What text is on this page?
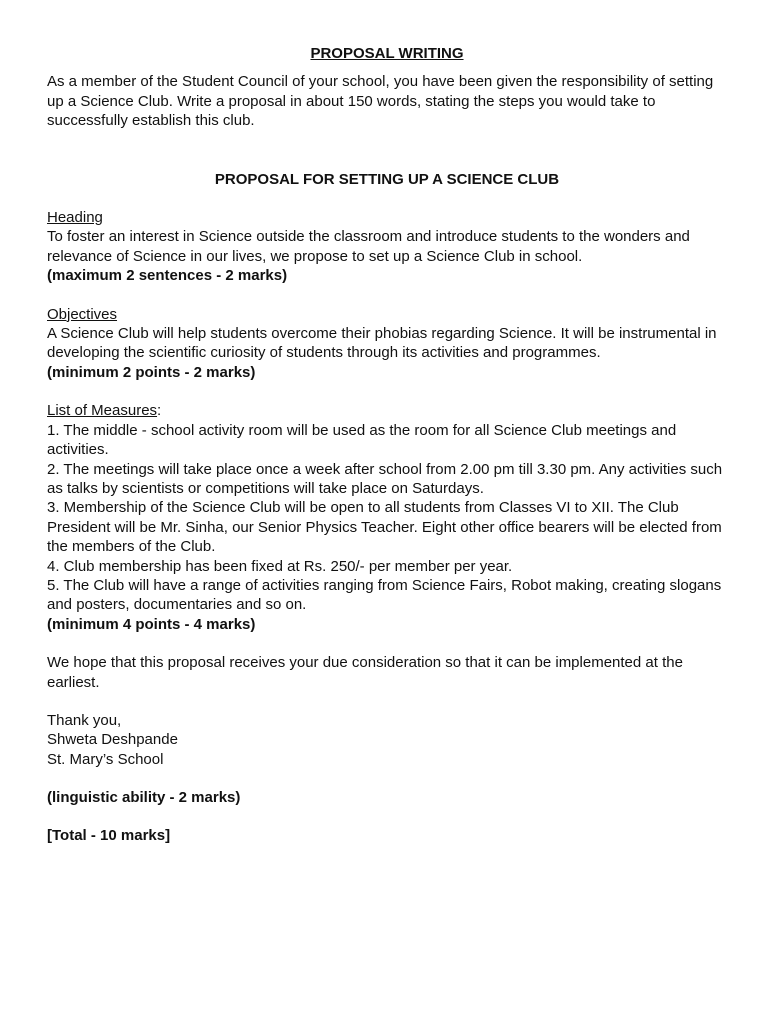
PROPOSAL WRITING

As a member of the Student Council of your school, you have been given the responsibility of setting up a Science Club. Write a proposal in about 150 words, stating the steps you would take to successfully establish this club.

PROPOSAL FOR SETTING UP A SCIENCE CLUB
Heading
To foster an interest in Science outside the classroom and introduce students to the wonders and relevance of Science in our lives, we propose to set up a Science Club in school.
(maximum 2 sentences - 2 marks)
Objectives
A Science Club will help students overcome their phobias regarding Science. It will be instrumental in developing the scientific curiosity of students through its activities and programmes.
(minimum 2 points - 2 marks)
List of Measures:
1. The middle - school activity room will be used as the room for all Science Club meetings and activities.
2. The meetings will take place once a week after school from 2.00 pm till 3.30 pm. Any activities such as talks by scientists or competitions will take place on Saturdays.
3. Membership of the Science Club will be open to all students from Classes VI to XII. The Club President will be Mr. Sinha, our Senior Physics Teacher. Eight other office bearers will be elected from the members of the Club.
4. Club membership has been fixed at Rs. 250/- per member per year.
5. The Club will have a range of activities ranging from Science Fairs, Robot making, creating slogans and posters, documentaries and so on.
(minimum 4 points - 4 marks)
We hope that this proposal receives your due consideration so that it can be implemented at the earliest.
Thank you,
Shweta Deshpande
St. Mary’s School
(linguistic ability - 2 marks)
[Total - 10 marks]
